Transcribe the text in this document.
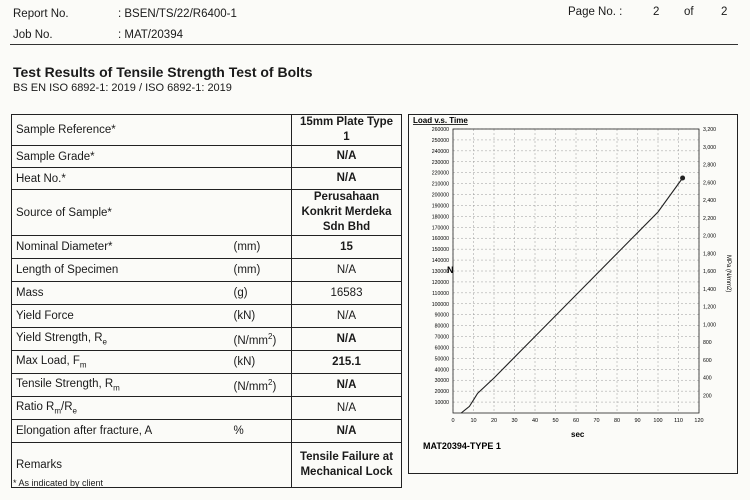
Report No.	: BSEN/TS/22/R6400-1
Job No.	: MAT/20394
Page No. :	2 of 2
Test Results of Tensile Strength Test of Bolts
BS EN ISO 6892-1: 2019 / ISO 6892-1: 2019
Sample Reference*		15mm Plate Type 1
Sample Grade*		N/A
Heat No.*		N/A
Source of Sample*		Perusahaan Konkrit Merdeka Sdn Bhd
Nominal Diameter*	(mm)	15
Length of Specimen	(mm)	N/A
Mass	(g)	16583
Yield Force	(kN)	N/A
Yield Strength, $R_e$	$(N/mm^2)$	N/A
Max Load, $F_m$	(kN)	215.1
Tensile Strength, $R_m$	$(N/mm^2)$	N/A
Ratio $R_m/R_e$		N/A
Elongation after fracture, A	%	N/A
Remarks		Tensile Failure at Mechanical Lock
* As indicated by client
10000
20000
30000
40000
50000
60000
70000
80000
90000
100000
110000
120000
130000
140000
150000
160000
170000
180000
190000
200000
210000
220000
230000
240000
250000
260000
200
400
600
800
1,000
1,200
1,400
1,600
1,800
2,000
2,200
2,400
2,600
2,800
3,000
3,200
0	10	20	30	40	50	60	70	80	90 100 110 120
Load v.s. Time
N
sec
MPa (N/mm2)
MAT20394-TYPE 1
